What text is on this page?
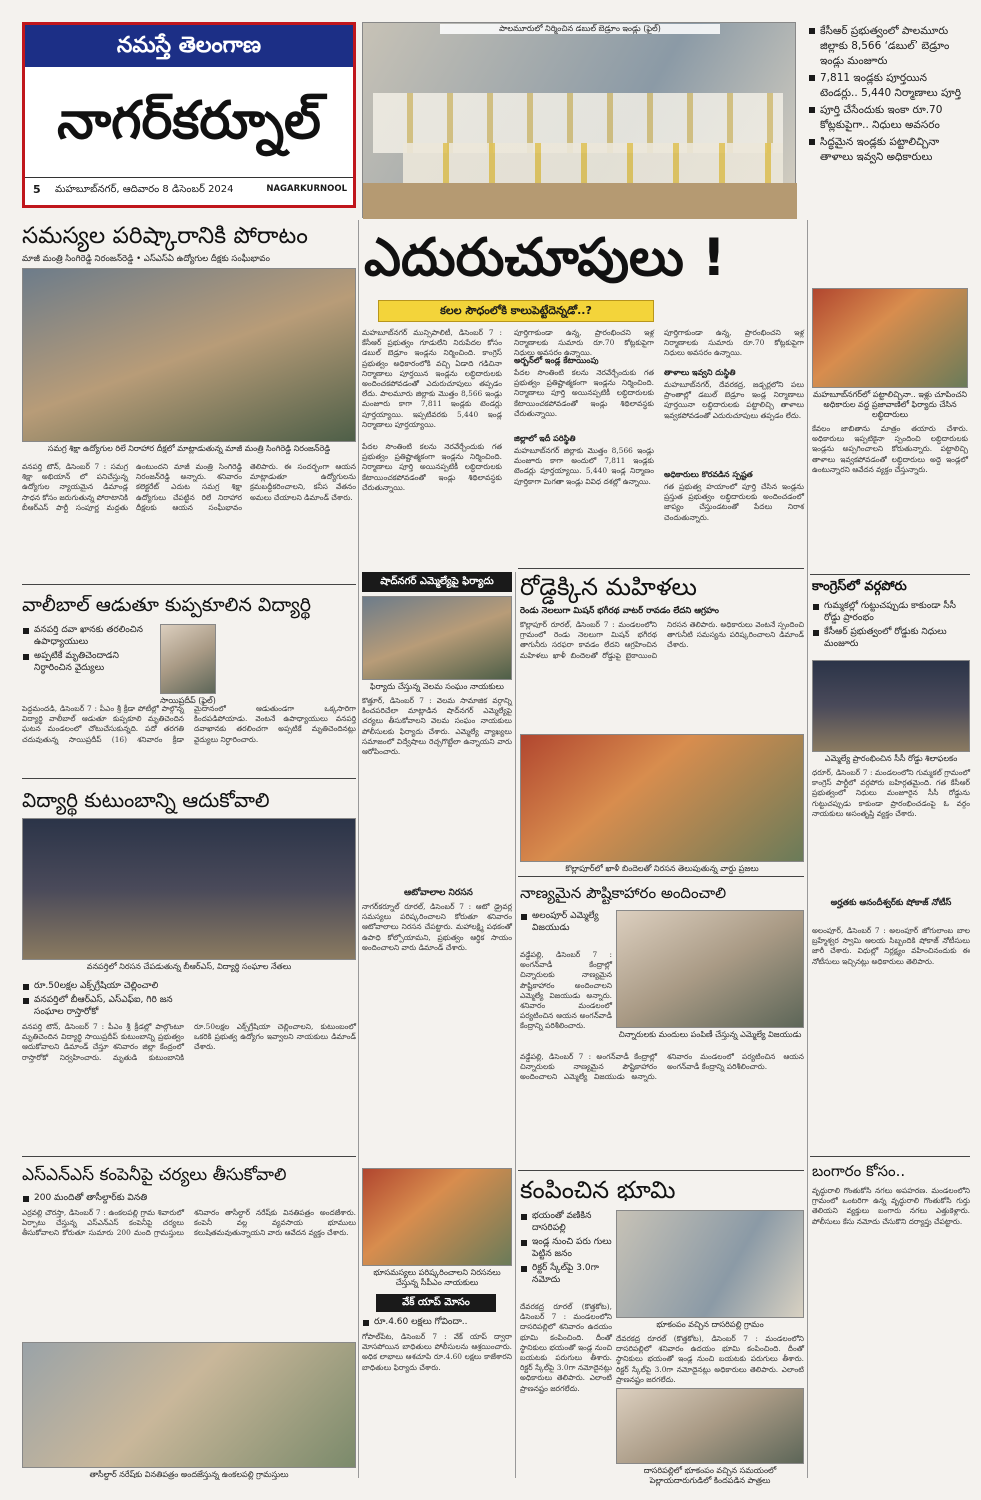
నమస్తే తెలంగాణ
నాగర్‌కర్నూల్
5 మహబూబ్‌నగర్, ఆదివారం 8 డిసెంబర్ 2024	NAGARKURNOOL
పాలమూరులో నిర్మించిన డబుల్ బెడ్రూం ఇండ్లు (ఫైల్)	కేసీఆర్ ప్రభుత్వంలో పాలమూరు జిల్లాకు 8,566 ‘డబుల్’ బెడ్రూం ఇండ్లు మంజూరు
7,811 ఇండ్లకు పూర్తయిన టెండర్లు.. 5,440 నిర్మాణాలు పూర్తి
పూర్తి చేసేందుకు ఇంకా రూ.70 కోట్లకుపైగా.. నిధులు అవసరం
సిద్ధమైన ఇండ్లకు పట్టాలిచ్చినా తాళాలు ఇవ్వని అధికారులు
ఎదురుచూపులు !
కలల సౌధంలోకి కాలుపెట్టేదెన్నడో..?
మహబూబ్‌నగర్‌లో పట్టాలిచ్చినా.. ఇళ్లు చూపించని అధికారుల వద్ద ప్రజావాణిలో ఫిర్యాదు చేసిన లబ్ధిదారులు
కేవలం జాబితాను మాత్రం తయారు చేశారు. అధికారులు ఇప్పటికైనా స్పందించి లబ్ధిదారులకు ఇండ్లను అప్పగించాలని కోరుతున్నారు. పట్టాలిచ్చి తాళాలు ఇవ్వకపోవడంతో లబ్ధిదారులు అద్దె ఇండ్లలో ఉంటున్నారని ఆవేదన వ్యక్తం చేస్తున్నారు.
మహబూబ్‌నగర్ మున్సిపాలిటీ, డిసెంబర్ 7 : కేసీఆర్ ప్రభుత్వం గూడులేని నిరుపేదల కోసం డబుల్ బెడ్రూం ఇండ్లను నిర్మించింది. కాంగ్రెస్ ప్రభుత్వం అధికారంలోకి వచ్చి ఏడాది గడిచినా నిర్మాణాలు పూర్తయిన ఇండ్లను లబ్ధిదారులకు అందించకపోవడంతో ఎదురుచూపులు తప్పడం లేదు. పాలమూరు జిల్లాకు మొత్తం 8,566 ఇండ్లు మంజూరు కాగా 7,811 ఇండ్లకు టెండర్లు పూర్తయ్యాయి. ఇప్పటివరకు 5,440 ఇండ్ల నిర్మాణాలు పూర్తయ్యాయి.
పేదల సొంతింటి కలను నెరవేర్చేందుకు గత ప్రభుత్వం ప్రతిష్టాత్మకంగా ఇండ్లను నిర్మించింది. నిర్మాణాలు పూర్తి అయినప్పటికీ లబ్ధిదారులకు కేటాయించకపోవడంతో ఇండ్లు శిథిలావస్థకు చేరుతున్నాయి.
పూర్తిగాకుండా ఉన్న, ప్రారంభించని ఇళ్ల నిర్మాణాలకు సుమారు రూ.70 కోట్లకుపైగా నిధులు అవసరం ఉన్నాయి.
అర్బన్‌లో ఇండ్ల కేటాయింపు
పేదల సొంతింటి కలను నెరవేర్చేందుకు గత ప్రభుత్వం ప్రతిష్టాత్మకంగా ఇండ్లను నిర్మించింది. నిర్మాణాలు పూర్తి అయినప్పటికీ లబ్ధిదారులకు కేటాయించకపోవడంతో ఇండ్లు శిథిలావస్థకు చేరుతున్నాయి.
జిల్లాలో ఇదీ పరిస్థితి
మహబూబ్‌నగర్ జిల్లాకు మొత్తం 8,566 ఇండ్లు మంజూరు కాగా అందులో 7,811 ఇండ్లకు టెండర్లు పూర్తయ్యాయి. 5,440 ఇండ్ల నిర్మాణం పూర్తికాగా మిగతా ఇండ్లు వివిధ దశల్లో ఉన్నాయి.
పూర్తిగాకుండా ఉన్న, ప్రారంభించని ఇళ్ల నిర్మాణాలకు సుమారు రూ.70 కోట్లకుపైగా నిధులు అవసరం ఉన్నాయి.
తాళాలు ఇవ్వని దుస్థితి
మహబూబ్‌నగర్, దేవరకద్ర, జడ్చర్లలోని పలు ప్రాంతాల్లో డబుల్ బెడ్రూం ఇండ్ల నిర్మాణాలు పూర్తయినా లబ్ధిదారులకు పట్టాలిచ్చి తాళాలు ఇవ్వకపోవడంతో ఎదురుచూపులు తప్పడం లేదు.
అధికారులు కొరవడిన స్పష్టత
గత ప్రభుత్వ హయాంలో పూర్తి చేసిన ఇండ్లను ప్రస్తుత ప్రభుత్వం లబ్ధిదారులకు అందించడంలో జాప్యం చేస్తుండటంతో పేదలు నిరాశ చెందుతున్నారు.
సమస్యల పరిష్కారానికి పోరాటం
మాజీ మంత్రి సింగిరెడ్డి నిరంజన్‌రెడ్డి • ఎస్‌ఎస్‌ఏ ఉద్యోగుల దీక్షకు సంఘీభావం
సమగ్ర శిక్షా ఉద్యోగుల రిలే నిరాహార దీక్షలో మాట్లాడుతున్న మాజీ మంత్రి సింగిరెడ్డి నిరంజన్‌రెడ్డి
వనపర్తి టౌన్, డిసెంబర్ 7 : సమగ్ర శిక్షా అభియాన్ లో పనిచేస్తున్న ఉద్యోగుల న్యాయమైన డిమాండ్ల సాధన కోసం జరుగుతున్న పోరాటానికి బీఆర్‌ఎస్ పార్టీ సంపూర్ణ మద్దతు ఉంటుందని మాజీ మంత్రి సింగిరెడ్డి నిరంజన్‌రెడ్డి అన్నారు. శనివారం కలెక్టరేట్ ఎదుట సమగ్ర శిక్షా ఉద్యోగులు చేపట్టిన రిలే నిరాహార దీక్షలకు ఆయన సంఘీభావం తెలిపారు. ఈ సందర్భంగా ఆయన మాట్లాడుతూ ఉద్యోగులను క్రమబద్ధీకరించాలని, కనీస వేతనం అమలు చేయాలని డిమాండ్ చేశారు.
వాలీబాల్ ఆడుతూ కుప్పకూలిన విద్యార్థి
వనపర్తి దవా ఖానకు తరలించిన ఉపాధ్యాయులు
అప్పటికే మృతిచెందాడని నిర్ధారించిన వైద్యులు
సాయిప్రదీప్ (ఫైల్)
పెద్దమందడి, డిసెంబర్ 7 : పీఎం శ్రీ క్రీడా పోటీల్లో పాల్గొన్న విద్యార్థి వాలీబాల్ ఆడుతూ కుప్పకూలి మృతిచెందిన ఘటన మండలంలో చోటుచేసుకున్నది. పదో తరగతి చదువుతున్న సాయిప్రదీప్ (16) శనివారం క్రీడా మైదానంలో ఆడుతుండగా ఒక్కసారిగా కిందపడిపోయాడు. వెంటనే ఉపాధ్యాయులు వనపర్తి దవాఖానకు తరలించగా అప్పటికే మృతిచెందినట్లు వైద్యులు నిర్ధారించారు.
విద్యార్థి కుటుంబాన్ని ఆదుకోవాలి
వనపర్తిలో నిరసన చేపడుతున్న బీఆర్‌ఎస్, విద్యార్థి సంఘాల నేతలు
రూ.50లక్షల ఎక్స్‌గ్రేషియా చెల్లించాలి
వనపర్తిలో బీఆర్‌ఎస్, ఎస్‌ఎఫ్‌ఐ, గిరి జన సంఘాల రాస్తారోకో
వనపర్తి టౌన్, డిసెంబర్ 7 : పీఎం శ్రీ క్రీడల్లో పాల్గొంటూ మృతిచెందిన విద్యార్థి సాయిప్రదీప్ కుటుంబాన్ని ప్రభుత్వం ఆదుకోవాలని డిమాండ్ చేస్తూ శనివారం జిల్లా కేంద్రంలో రాస్తారోకో నిర్వహించారు. మృతుడి కుటుంబానికి రూ.50లక్షల ఎక్స్‌గ్రేషియా చెల్లించాలని, కుటుంబంలో ఒకరికి ప్రభుత్వ ఉద్యోగం ఇవ్వాలని నాయకులు డిమాండ్ చేశారు.
ఎస్‌ఎన్‌ఎస్ కంపెనీపై చర్యలు తీసుకోవాలి
200 మందితో తాసీల్దార్‌కు వినతి
ఎర్రవల్లి చౌరస్తా, డిసెంబర్ 7 : ఉంకలపల్లి గ్రామ శివారులో ఏర్పాటు చేస్తున్న ఎస్‌ఎన్‌ఎస్ కంపెనీపై చర్యలు తీసుకోవాలని కోరుతూ సుమారు 200 మంది గ్రామస్తులు శనివారం తాసీల్దార్ నరేష్‌కు వినతిపత్రం అందజేశారు. కంపెనీ వల్ల వ్యవసాయ భూములు కలుషితమవుతున్నాయని వారు ఆవేదన వ్యక్తం చేశారు.
తాసీల్దార్ నరేష్‌కు వినతిపత్రం అందజేస్తున్న ఉంకలపల్లి గ్రామస్తులు
షాద్‌నగర్ ఎమ్మెల్యేపై ఫిర్యాదు
ఫిర్యాదు చేస్తున్న వెలమ సంఘం నాయకులు
కొత్తూర్, డిసెంబర్ 7 : వెలమ సామాజిక వర్గాన్ని కించపరిచేలా మాట్లాడిన షాద్‌నగర్ ఎమ్మెల్యేపై చర్యలు తీసుకోవాలని వెలమ సంఘం నాయకులు పోలీసులకు ఫిర్యాదు చేశారు. ఎమ్మెల్యే వ్యాఖ్యలు సమాజంలో విద్వేషాలు రెచ్చగొట్టేలా ఉన్నాయని వారు ఆరోపించారు.
ఆటోవాలాల నిరసన
నాగర్‌కర్నూల్ రూరల్, డిసెంబర్ 7 : ఆటో డ్రైవర్ల సమస్యలు పరిష్కరించాలని కోరుతూ శనివారం ఆటోవాలాలు నిరసన చేపట్టారు. మహాలక్ష్మి పథకంతో ఉపాధి కోల్పోయామని, ప్రభుత్వం ఆర్థిక సాయం అందించాలని వారు డిమాండ్ చేశారు.
భూసమస్యలు పరిష్కరించాలని నిరసనలు చేస్తున్న సీపీఎం నాయకులు
వేక్ యాప్ మోసం
రూ.4.60 లక్షలు గోవిందా..
గోపాల్‌పేట, డిసెంబర్ 7 : వేక్ యాప్ ద్వారా మోసపోయిన బాధితులు పోలీసులను ఆశ్రయించారు. అధిక లాభాలు ఆశచూపి రూ.4.60 లక్షలు కాజేశారని బాధితులు ఫిర్యాదు చేశారు.
రోడ్డెక్కిన మహిళలు
రెండు నెలలుగా మిషన్ భగీరథ వాటర్ రావడం లేదని ఆగ్రహం
కొల్లాపూర్ రూరల్, డిసెంబర్ 7 : మండలంలోని గ్రామంలో రెండు నెలలుగా మిషన్ భగీరథ తాగునీరు సరఫరా కావడం లేదని ఆగ్రహించిన మహిళలు ఖాళీ బిందెలతో రోడ్డుపై బైఠాయించి నిరసన తెలిపారు. అధికారులు వెంటనే స్పందించి తాగునీటి సమస్యను పరిష్కరించాలని డిమాండ్ చేశారు.
కొల్లాపూర్‌లో ఖాళీ బిందెలతో నిరసన తెలుపుతున్న వార్డు ప్రజలు
నాణ్యమైన పౌష్టికాహారం అందించాలి
అలంపూర్ ఎమ్మెల్యే విజయుడు
వడ్డేపల్లి, డిసెంబర్ 7 : అంగన్‌వాడీ కేంద్రాల్లో చిన్నారులకు నాణ్యమైన పౌష్టికాహారం అందించాలని ఎమ్మెల్యే విజయుడు అన్నారు. శనివారం మండలంలో పర్యటించిన ఆయన అంగన్‌వాడీ కేంద్రాన్ని పరిశీలించారు.
చిన్నారులకు మందులు పంపిణీ చేస్తున్న ఎమ్మెల్యే విజయుడు
వడ్డేపల్లి, డిసెంబర్ 7 : అంగన్‌వాడీ కేంద్రాల్లో చిన్నారులకు నాణ్యమైన పౌష్టికాహారం అందించాలని ఎమ్మెల్యే విజయుడు అన్నారు. శనివారం మండలంలో పర్యటించిన ఆయన అంగన్‌వాడీ కేంద్రాన్ని పరిశీలించారు.
కంపించిన భూమి
భయంతో వణికిన దాసరిపల్లి
ఇండ్ల నుంచి పరు గులు పెట్టిన జనం
రిక్టర్ స్కేల్‌పై 3.0గా నమోదు
భూకంపం వచ్చిన దాసరిపల్లి గ్రామం
దేవరకద్ర రూరల్ (కొత్తకోట), డిసెంబర్ 7 : మండలంలోని దాసరిపల్లిలో శనివారం ఉదయం భూమి కంపించింది. దీంతో స్థానికులు భయంతో ఇండ్ల నుంచి బయటకు పరుగులు తీశారు. రిక్టర్ స్కేల్‌పై 3.0గా నమోదైనట్లు అధికారులు తెలిపారు. ఎలాంటి ప్రాణనష్టం జరగలేదు.
దేవరకద్ర రూరల్ (కొత్తకోట), డిసెంబర్ 7 : మండలంలోని దాసరిపల్లిలో శనివారం ఉదయం భూమి కంపించింది. దీంతో స్థానికులు భయంతో ఇండ్ల నుంచి బయటకు పరుగులు తీశారు. రిక్టర్ స్కేల్‌పై 3.0గా నమోదైనట్లు అధికారులు తెలిపారు. ఎలాంటి ప్రాణనష్టం జరగలేదు.
దాసరిపల్లిలో భూకంపం వచ్చిన సమయంలో పెల్లాయదారుగుడిలో కిందపడిన పాత్రలు
కాంగ్రెస్‌లో వర్గపోరు
గుమ్మకల్లో గుట్టుచప్పుడు కాకుండా సీసీ రోడ్డు ప్రారంభం
కేసీఆర్ ప్రభుత్వంలో రోడ్డుకు నిధులు మంజూరు
ఎమ్మెల్యే ప్రారంభించిన సీసీ రోడ్డు శిలాఫలకం
ధరూర్, డిసెంబర్ 7 : మండలంలోని గుమ్మకల్ గ్రామంలో కాంగ్రెస్ పార్టీలో వర్గపోరు బహిర్గతమైంది. గత కేసీఆర్ ప్రభుత్వంలో నిధులు మంజూరైన సీసీ రోడ్డును గుట్టుచప్పుడు కాకుండా ప్రారంభించడంపై ఓ వర్గం నాయకులు అసంతృప్తి వ్యక్తం చేశారు.
అర్హతకు ఆనందీశ్వర్‌కు షోకాజ్ నోటీస్
అలంపూర్, డిసెంబర్ 7 : అలంపూర్ జోగులాంబ బాల బ్రహ్మేశ్వర స్వామి ఆలయ సిబ్బందికి షోకాజ్ నోటీసులు జారీ చేశారు. విధుల్లో నిర్లక్ష్యం వహించినందుకు ఈ నోటీసులు ఇచ్చినట్లు అధికారులు తెలిపారు.
బంగారం కోసం..
వృద్ధురాలి గొంతుకోసి నగలు అపహరణ. మండలంలోని గ్రామంలో ఒంటరిగా ఉన్న వృద్ధురాలి గొంతుకోసి గుర్తు తెలియని వ్యక్తులు బంగారు నగలు ఎత్తుకెళ్లారు. పోలీసులు కేసు నమోదు చేసుకొని దర్యాప్తు చేపట్టారు.
